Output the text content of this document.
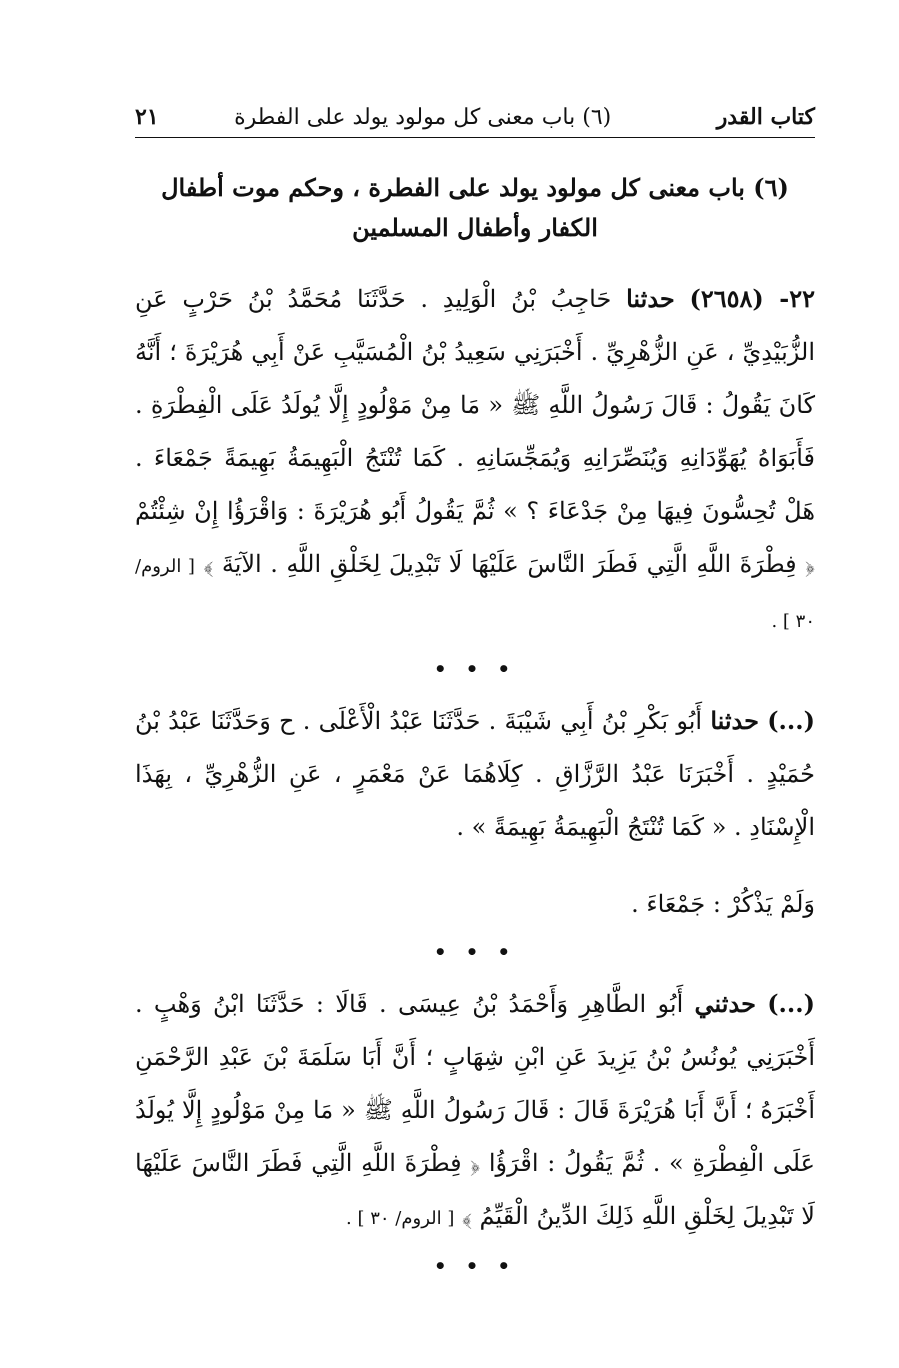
كتاب القدر
(٦) باب معنى كل مولود يولد على الفطرة
٢١
(٦) باب معنى كل مولود يولد على الفطرة ، وحكم موت أطفال الكفار وأطفال المسلمين

٢٢- (٢٦٥٨) حدثنا حَاجِبُ بْنُ الْوَلِيدِ . حَدَّثَنَا مُحَمَّدُ بْنُ حَرْبٍ عَنِ الزُّبَيْدِيِّ ، عَنِ الزُّهْرِيِّ . أَخْبَرَنِي سَعِيدُ بْنُ الْمُسَيَّبِ عَنْ أَبِي هُرَيْرَةَ ؛ أَنَّهُ كَانَ يَقُولُ : قَالَ رَسُولُ اللَّهِ ﷺ « مَا مِنْ مَوْلُودٍ إِلَّا يُولَدُ عَلَى الْفِطْرَةِ . فَأَبَوَاهُ يُهَوِّدَانِهِ وَيُنَصِّرَانِهِ وَيُمَجِّسَانِهِ . كَمَا تُنْتَجُ الْبَهِيمَةُ بَهِيمَةً جَمْعَاءَ . هَلْ تُحِسُّونَ فِيهَا مِنْ جَدْعَاءَ ؟ » ثُمَّ يَقُولُ أَبُو هُرَيْرَةَ : وَاقْرَؤُا إِنْ شِئْتُمْ ﴿ فِطْرَةَ اللَّهِ الَّتِي فَطَرَ النَّاسَ عَلَيْهَا لَا تَبْدِيلَ لِخَلْقِ اللَّهِ . الآيَةَ ﴾ [ الروم/ ٣٠ ] .

• • •

(...) حدثنا أَبُو بَكْرِ بْنُ أَبِي شَيْبَةَ . حَدَّثَنَا عَبْدُ الْأَعْلَى . ح وَحَدَّثَنَا عَبْدُ بْنُ حُمَيْدٍ . أَخْبَرَنَا عَبْدُ الرَّزَّاقِ . كِلَاهُمَا عَنْ مَعْمَرٍ ، عَنِ الزُّهْرِيِّ ، بِهَذَا الْإِسْنَادِ . « كَمَا تُنْتَجُ الْبَهِيمَةُ بَهِيمَةً » .

وَلَمْ يَذْكُرْ : جَمْعَاءَ .
• • •

(...) حدثني أَبُو الطَّاهِرِ وَأَحْمَدُ بْنُ عِيسَى . قَالَا : حَدَّثَنَا ابْنُ وَهْبٍ . أَخْبَرَنِي يُونُسُ بْنُ يَزِيدَ عَنِ ابْنِ شِهَابٍ ؛ أَنَّ أَبَا سَلَمَةَ بْنَ عَبْدِ الرَّحْمَنِ أَخْبَرَهُ ؛ أَنَّ أَبَا هُرَيْرَةَ قَالَ : قَالَ رَسُولُ اللَّهِ ﷺ « مَا مِنْ مَوْلُودٍ إِلَّا يُولَدُ عَلَى الْفِطْرَةِ » . ثُمَّ يَقُولُ : اقْرَؤُا ﴿ فِطْرَةَ اللَّهِ الَّتِي فَطَرَ النَّاسَ عَلَيْهَا لَا تَبْدِيلَ لِخَلْقِ اللَّهِ ذَلِكَ الدِّينُ الْقَيِّمُ ﴾ [ الروم/ ٣٠ ] .

• • •
